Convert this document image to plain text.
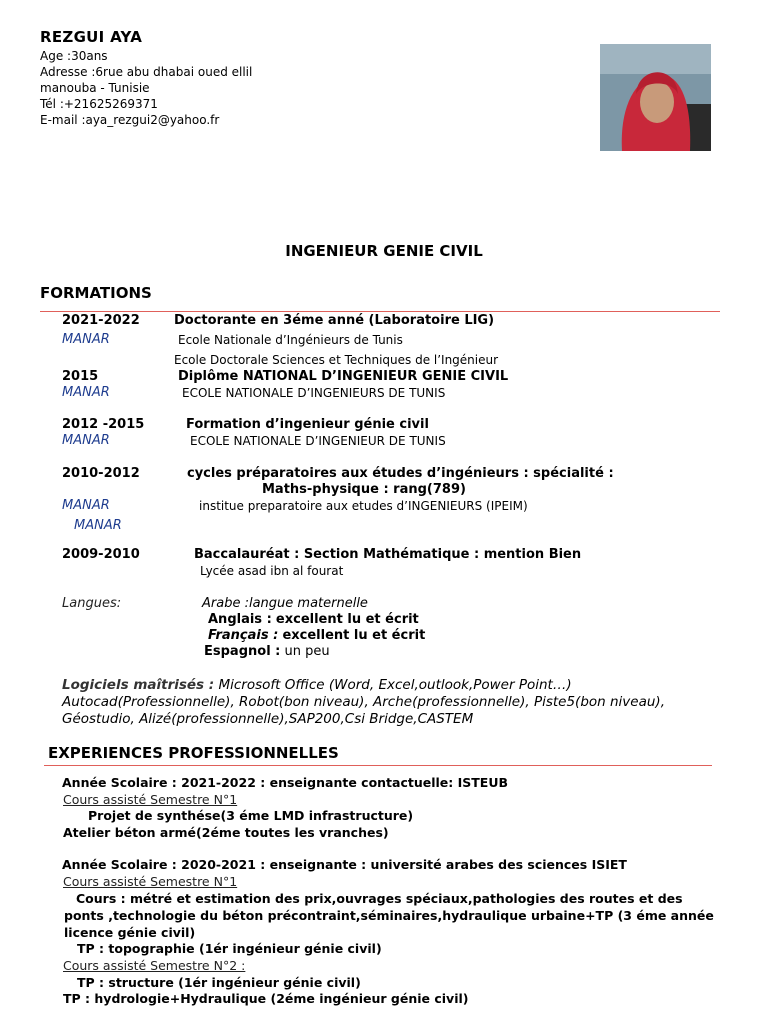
REZGUI AYA
Age :30ans
Adresse :6rue abu dhabai oued ellil
manouba - Tunisie
Tél :+21625269371
E-mail :aya_rezgui2@yahoo.fr
INGENIEUR GENIE CIVIL
FORMATIONS
2021-2022	Doctorante en 3éme anné (Laboratoire LIG)
MANAR	Ecole Nationale d’Ingénieurs de Tunis
Ecole Doctorale Sciences et Techniques de l’Ingénieur
2015	Diplôme NATIONAL D’INGENIEUR GENIE CIVIL
MANAR	ECOLE NATIONALE D’INGENIEURS DE TUNIS
2012 -2015	Formation d’ingenieur génie civil
MANAR	ECOLE NATIONALE D’INGENIEUR DE TUNIS
2010-2012	cycles préparatoires aux études d’ingénieurs : spécialité :
Maths-physique : rang(789)
MANAR	institue preparatoire aux etudes d’INGENIEURS (IPEIM)
MANAR
2009-2010	Baccalauréat : Section Mathématique : mention Bien
Lycée asad ibn al fourat
Langues:	Arabe :langue maternelle
Anglais : excellent lu et écrit
Français : excellent lu et écrit
Espagnol : un peu
Logiciels maîtrisés : Microsoft Office (Word, Excel,outlook,Power Point…) Autocad(Professionnelle), Robot(bon niveau), Arche(professionnelle), Piste5(bon niveau), Géostudio, Alizé(professionnelle),SAP200,Csi Bridge,CASTEM
EXPERIENCES PROFESSIONNELLES
Année Scolaire : 2021-2022 : enseignante contactuelle: ISTEUB
Cours assisté Semestre N°1
Projet de synthése(3 éme LMD infrastructure)
Atelier béton armé(2éme toutes les vranches)
Année Scolaire : 2020-2021 : enseignante : université arabes des sciences ISIET
Cours assisté Semestre N°1
Cours : métré et estimation des prix,ouvrages spéciaux,pathologies des routes et des ponts ,technologie du béton précontraint,séminaires,hydraulique urbaine+TP (3 éme année licence génie civil)
TP : topographie (1ér ingénieur génie civil)
Cours assisté Semestre N°2 :
TP : structure (1ér ingénieur génie civil)
TP : hydrologie+Hydraulique (2éme ingénieur génie civil)
